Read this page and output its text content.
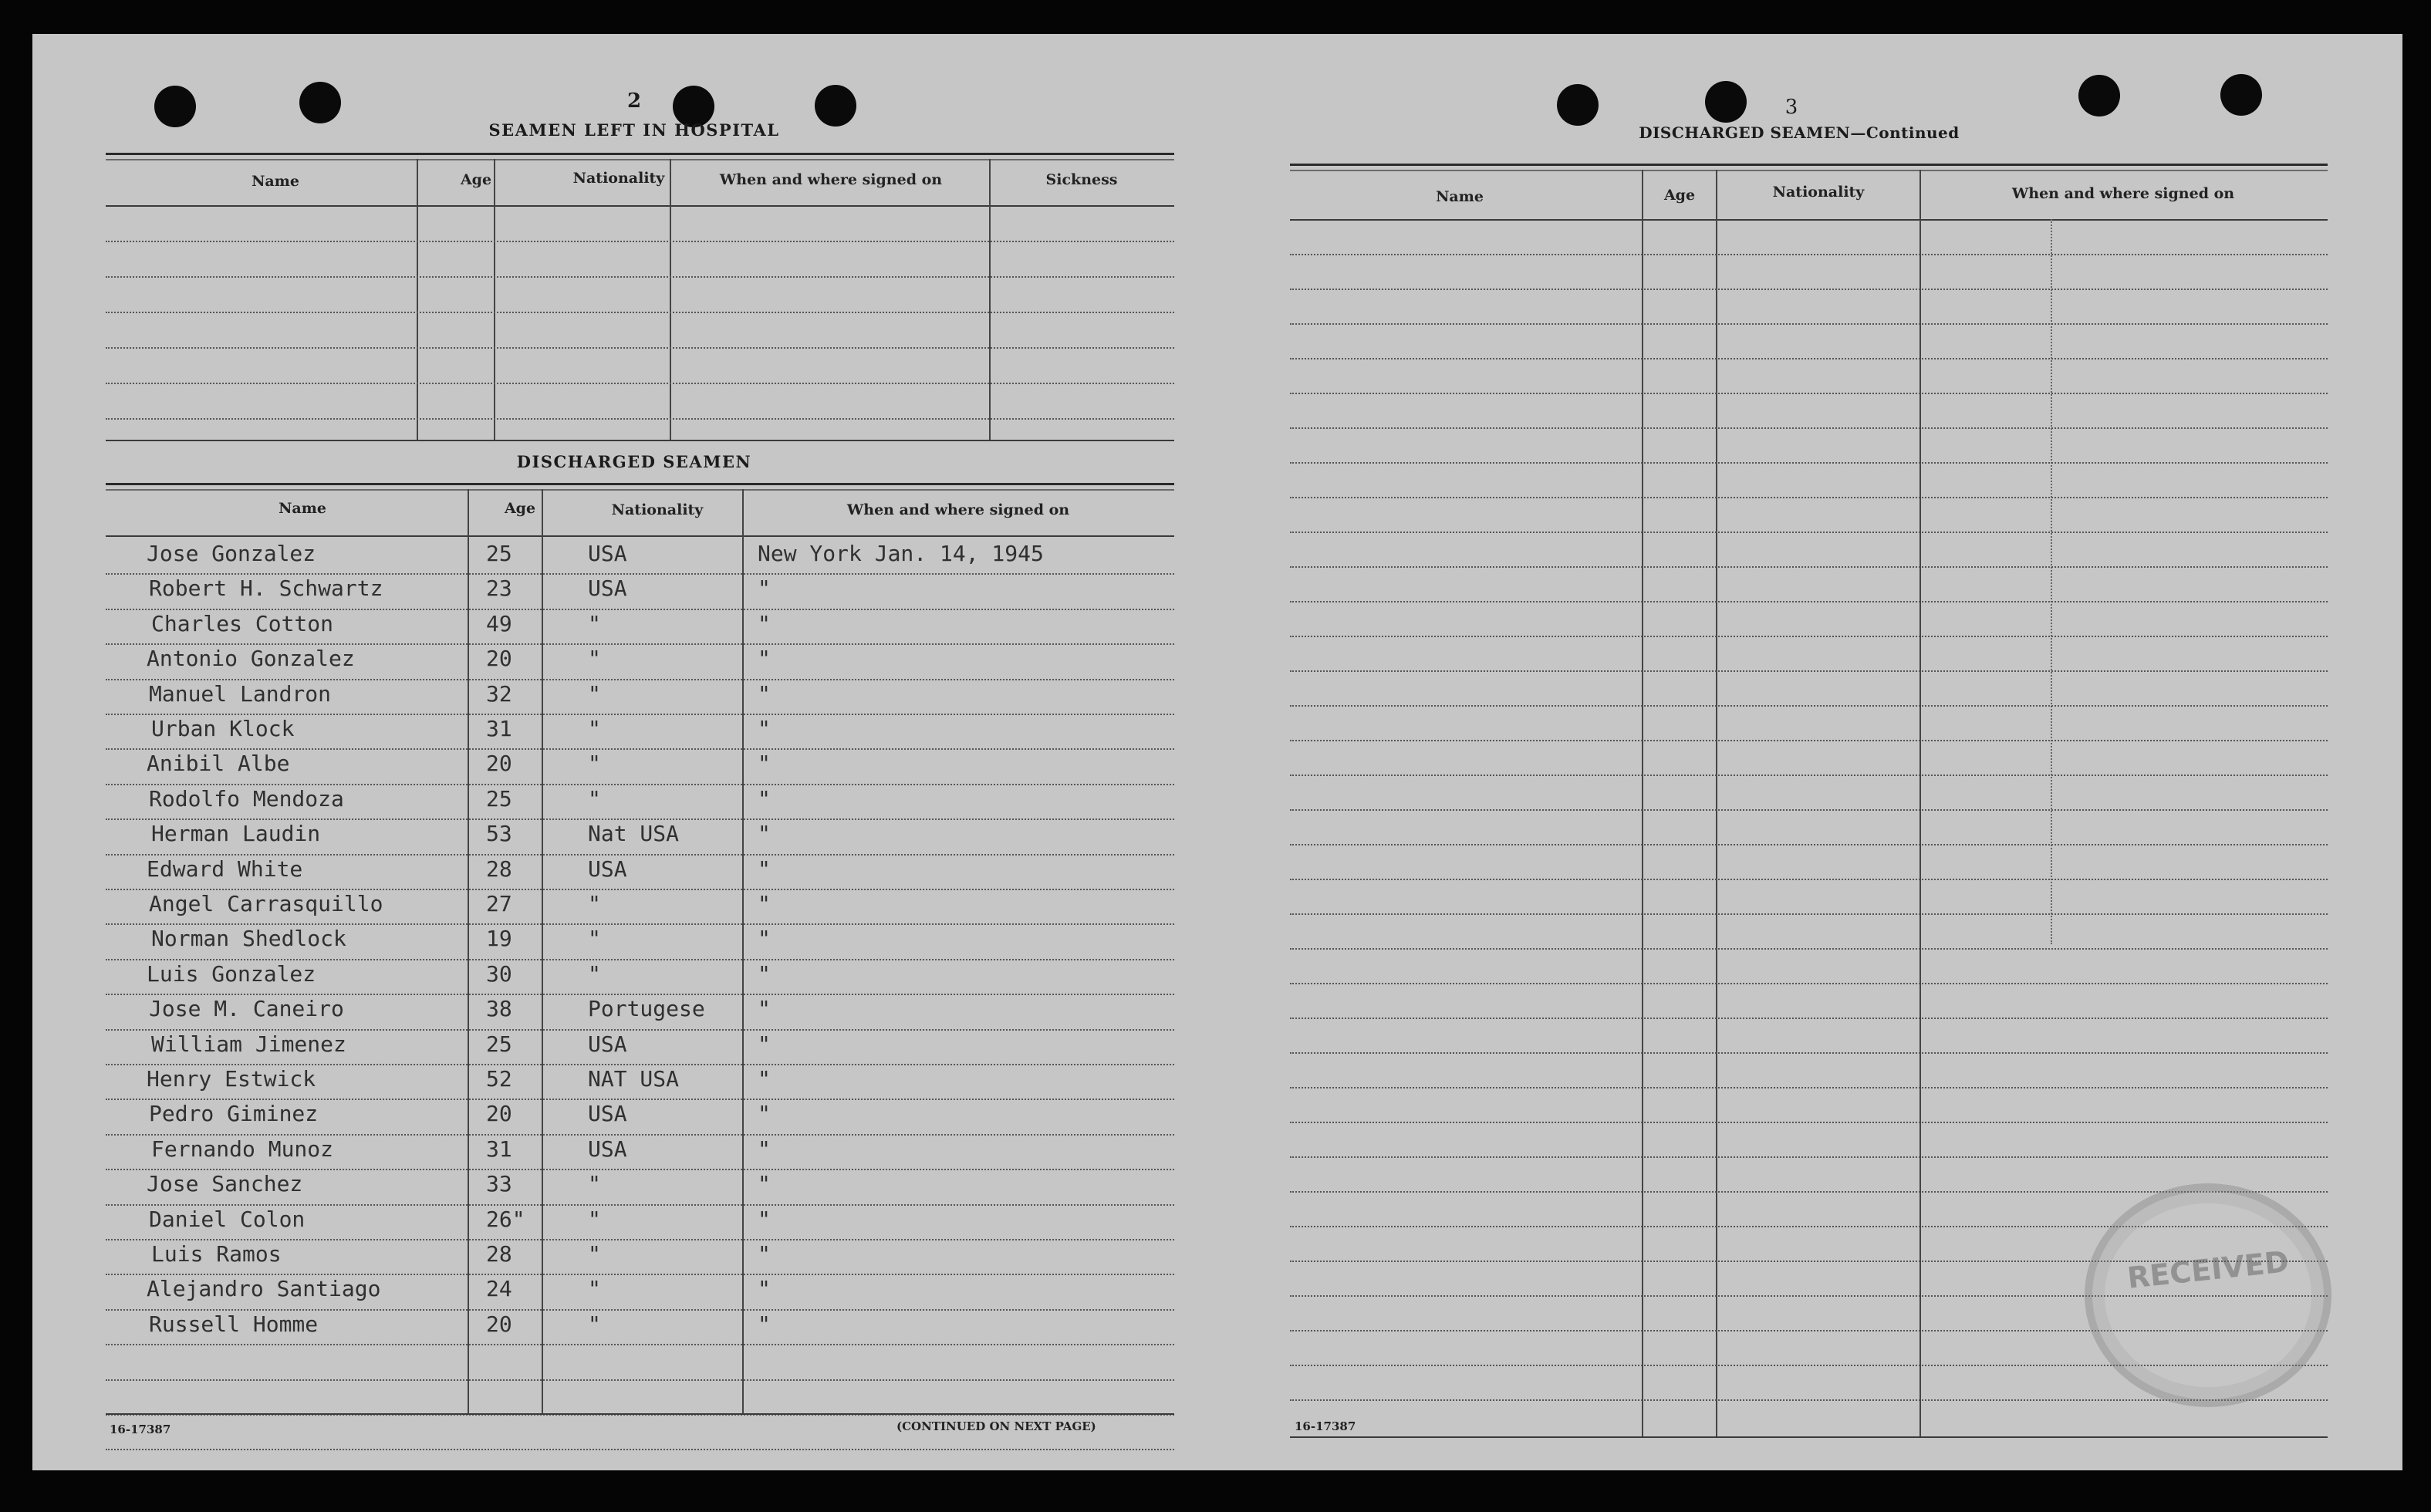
2
SEAMEN LEFT IN HOSPITAL
Name	Age	Nationality	When and where signed on	Sickness
DISCHARGED SEAMEN
Name	Age	Nationality	When and where signed on
Jose Gonzalez	25	USA	New York Jan. 14, 1945
Robert H. Schwartz	23	USA	"
Charles Cotton	49	"	"
Antonio Gonzalez	20	"	"
Manuel Landron	32	"	"
Urban Klock	31	"	"
Anibil Albe	20	"	"
Rodolfo Mendoza	25	"	"
Herman Laudin	53	Nat USA	"
Edward White	28	USA	"
Angel Carrasquillo	27	"	"
Norman Shedlock	19	"	"
Luis Gonzalez	30	"	"
Jose M. Caneiro	38	Portugese "
William Jimenez	25	USA	"
Henry Estwick	52	NAT USA	"
Pedro Giminez	20	USA	"
Fernando Munoz	31	USA	"
Jose Sanchez	33	"	"
Daniel Colon	26"	"	"
Luis Ramos	28	"	"
Alejandro Santiago	24	"	"
Russell Homme	20	"	"
16-17387	(CONTINUED ON NEXT PAGE)
3
DISCHARGED SEAMEN—Continued
Name	Age	Nationality	When and where signed on
16-17387
RECEIVED
